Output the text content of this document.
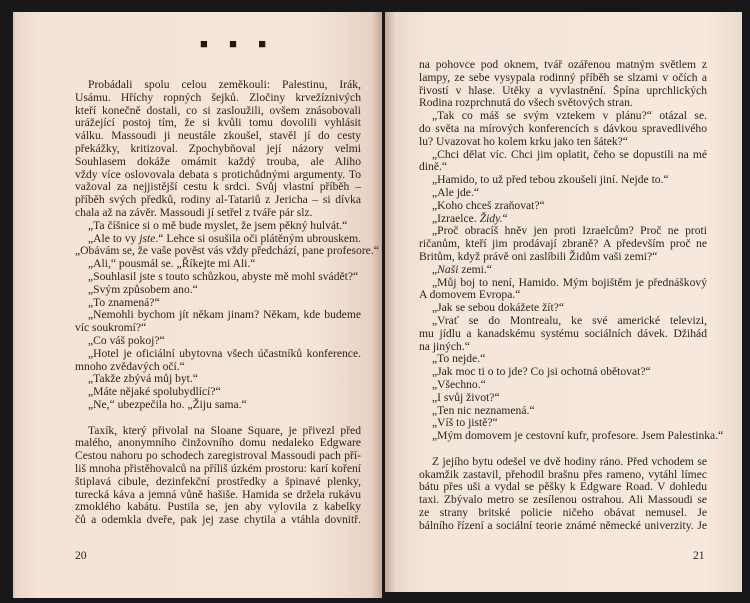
■ ■ ■
Probádali spolu celou zeměkouli: Palestinu, Irák,
Usámu. Hříchy ropných šejků. Zločiny krvežíznivých
kteří konečně dostali, co si zasloužili, ovšem znásobovali
urážející postoj tím, že si kvůli tomu dovolili vyhlásit
válku. Massoudi ji neustále zkoušel, stavěl jí do cesty
překážky, kritizoval. Zpochybňoval její názory velmi
Souhlasem dokáže omámit každý trouba, ale Aliho
vždy více oslovovala debata s protichůdnými argumenty. To
važoval za nejjistější cestu k srdci. Svůj vlastní příběh –
příběh svých předků, rodiny al-Tatariů z Jericha – si dívka
chala až na závěr. Massoudi jí setřel z tváře pár slz.
„Ta číšnice si o mě bude myslet, že jsem pěkný hulvát.“
„Ale to vy jste.“ Lehce si osušila oči plátěným ubrouskem.
„Obávám se, že vaše pověst vás vždy předchází, pane profesore.“
„Ali,“ pousmál se. „Říkejte mi Ali.“
„Souhlasil jste s touto schůzkou, abyste mě mohl svádět?“
„Svým způsobem ano.“
„To znamená?“
„Nemohli bychom jít někam jinam? Někam, kde budeme
víc soukromí?“
„Co váš pokoj?“
„Hotel je oficiální ubytovna všech účastníků konference.
mnoho zvědavých očí.“
„Takže zbývá můj byt.“
„Máte nějaké spolubydlící?“
„Ne,“ ubezpečila ho. „Žiju sama.“
Taxík, který přivolal na Sloane Square, je přivezl před
malého, anonymního činžovního domu nedaleko Edgware
Cestou nahoru po schodech zaregistroval Massoudi pach pří-
liš mnoha přistěhovalců na příliš úzkém prostoru: karí koření
štiplavá cibule, dezinfekční prostředky a špinavé plenky,
turecká káva a jemná vůně hašiše. Hamida se držela rukávu
zmoklého kabátu. Pustila se, jen aby vylovila z kabelky
čů a odemkla dveře, pak jej zase chytila a vtáhla dovnitř.
20
na pohovce pod oknem, tvář ozářenou matným světlem z
lampy, ze sebe vysypala rodinný příběh se slzami v očích a
řivostí v hlase. Útěky a vyvlastnění. Špína uprchlických
Rodina rozprchnutá do všech světových stran.
„Tak co máš se svým vztekem v plánu?“ otázal se.
do světa na mírových konferencích s dávkou spravedlivého
lu? Uvazovat ho kolem krku jako ten šátek?“
„Chci dělat víc. Chci jim oplatit, čeho se dopustili na mé
dině.“
„Hamido, to už před tebou zkoušeli jiní. Nejde to.“
„Ale jde.“
„Koho chceš zraňovat?“
„Izraelce. Židy.“
„Proč obracíš hněv jen proti Izraelcům? Proč ne proti
ričanům, kteří jim prodávají zbraně? A především proč ne
Britům, když právě oni zaslíbili Židům vaši zemi?“
„Naši zemi.“
„Můj boj to není, Hamido. Mým bojištěm je přednáškový
A domovem Evropa.“
„Jak se sebou dokážete žít?“
„Vrať se do Montrealu, ke své americké televizi,
mu jídlu a kanadskému systému sociálních dávek. Džihád
na jiných.“
„To nejde.“
„Jak moc ti o to jde? Co jsi ochotná obětovat?“
„Všechno.“
„I svůj život?“
„Ten nic neznamená.“
„Víš to jistě?“
„Mým domovem je cestovní kufr, profesore. Jsem Palestinka.“
Z jejího bytu odešel ve dvě hodiny ráno. Před vchodem se
okamžik zastavil, přehodil brašnu přes rameno, vytáhl límec
bátu přes uši a vydal se pěšky k Edgware Road. V dohledu
taxi. Zbývalo metro se zesílenou ostrahou. Ali Massoudi se
ze strany britské policie ničeho obávat nemusel. Je
bálního řízení a sociální teorie známé německé univerzity. Je
21
